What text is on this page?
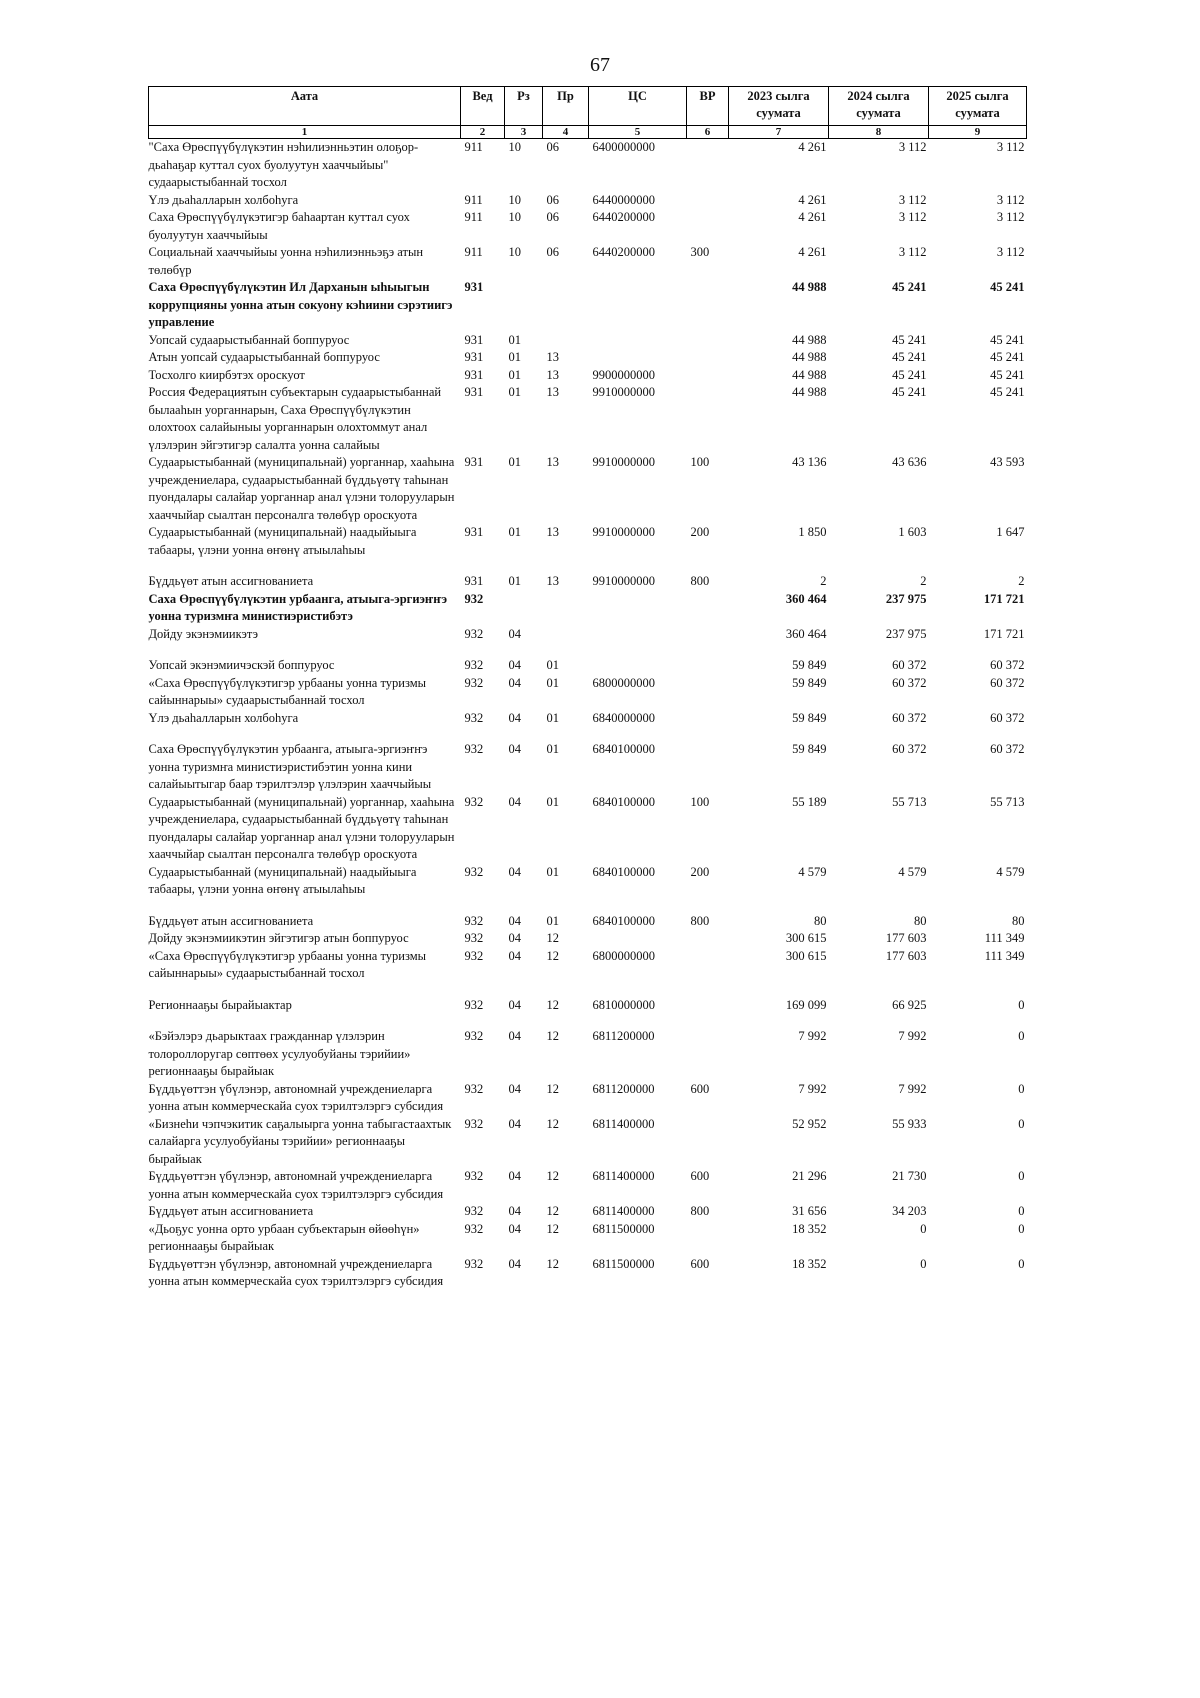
67
Аата	Вед	Рз	Пр	ЦС	ВР	2023 сылга суумата	2024 сылга суумата	2025 сылга суумата
1	2	3	4	5	6	7	8	9
"Саха Өрөспүүбүлүкэтин нэһилиэнньэтин олоҕор-дьаһаҕар куттал суох буолуутун хааччыйыы" судаарыстыбаннай тосхол	911	10	06	6400000000		4 261	3 112	3 112
Үлэ дьаһалларын холбоһуга	911	10	06	6440000000		4 261	3 112	3 112
Саха Өрөспүүбүлүкэтигэр баһаартан куттал суох буолуутун хааччыйыы	911	10	06	6440200000		4 261	3 112	3 112
Социальнай хааччыйыы уонна нэһилиэнньэҕэ атын төлөбүр	911	10	06	6440200000	300	4 261	3 112	3 112
Саха Өрөспүүбүлүкэтин Ил Дарханын ыһыыгын коррупцияны уонна атын сокуону кэһиини сэрэтиигэ управление	931					44 988	45 241	45 241
Уопсай судаарыстыбаннай боппуруос	931	01				44 988	45 241	45 241
Атын уопсай судаарыстыбаннай боппуруос	931	01	13			44 988	45 241	45 241
Тосхолго киирбэтэх ороскуот	931	01	13	9900000000		44 988	45 241	45 241
Россия Федерациятын субъектарын судаарыстыбаннай былааһын уорганнарын, Саха Өрөспүүбүлүкэтин олохтоох салайыныы уорганнарын олохтоммут анал үлэлэрин эйгэтигэр салалта уонна салайыы	931	01	13	9910000000		44 988	45 241	45 241
Судаарыстыбаннай (муниципальнай) уорганнар, хааһына учреждениелара, судаарыстыбаннай бүддьүөтү таһынан пуондалары салайар уорганнар анал үлэни толорууларын хааччыйар сыалтан персоналга төлөбүр ороскуота	931	01	13	9910000000	100	43 136	43 636	43 593
Судаарыстыбаннай (муниципальнай) наадыйыыга табаары, үлэни уонна өҥөнү атыылаһыы	931	01	13	9910000000	200	1 850	1 603	1 647

Бүддьүөт атын ассигнованиета	931	01	13	9910000000	800	2	2	2
Саха Өрөспүүбүлүкэтин урбаанга, атыыга-эргиэҥҥэ уонна туризмҥа министиэристибэтэ	932					360 464	237 975	171 721
Дойду экэнэмиикэтэ	932	04				360 464	237 975	171 721

Уопсай экэнэмиичэскэй боппуруос	932	04	01			59 849	60 372	60 372
«Саха Өрөспүүбүлүкэтигэр урбааны уонна туризмы сайыннарыы» судаарыстыбаннай тосхол	932	04	01	6800000000		59 849	60 372	60 372
Үлэ дьаһалларын холбоһуга	932	04	01	6840000000		59 849	60 372	60 372

Саха Өрөспүүбүлүкэтин урбаанга, атыыга-эргиэҥҥэ уонна туризмҥа министиэристибэтин уонна кини салайыытыгар баар тэрилтэлэр үлэлэрин хааччыйыы	932	04	01	6840100000		59 849	60 372	60 372
Судаарыстыбаннай (муниципальнай) уорганнар, хааһына учреждениелара, судаарыстыбаннай бүддьүөтү таһынан пуондалары салайар уорганнар анал үлэни толорууларын хааччыйар сыалтан персоналга төлөбүр ороскуота	932	04	01	6840100000	100	55 189	55 713	55 713
Судаарыстыбаннай (муниципальнай) наадыйыыга табаары, үлэни уонна өҥөнү атыылаһыы	932	04	01	6840100000	200	4 579	4 579	4 579

Бүддьүөт атын ассигнованиета	932	04	01	6840100000	800	80	80	80
Дойду экэнэмиикэтин эйгэтигэр атын боппуруос	932	04	12			300 615	177 603	111 349
«Саха Өрөспүүбүлүкэтигэр урбааны уонна туризмы сайыннарыы» судаарыстыбаннай тосхол	932	04	12	6800000000		300 615	177 603	111 349

Регионнааҕы бырайыактар	932	04	12	6810000000		169 099	66 925	0

«Бэйэлэрэ дьарыктаах гражданнар үлэлэрин толороллоругар сөптөөх усулуобуйаны тэрийии» регионнааҕы бырайыак	932	04	12	6811200000		7 992	7 992	0
Бүддьүөттэн үбүлэнэр, автономнай учреждениеларга уонна атын коммерческайа суох тэрилтэлэргэ субсидия	932	04	12	6811200000	600	7 992	7 992	0
«Бизнеһи чэпчэкитик саҕалыырга уонна табыгастаахтык салайарга усулуобуйаны тэрийии» регионнааҕы бырайыак	932	04	12	6811400000		52 952	55 933	0
Бүддьүөттэн үбүлэнэр, автономнай учреждениеларга уонна атын коммерческайа суох тэрилтэлэргэ субсидия	932	04	12	6811400000	600	21 296	21 730	0
Бүддьүөт атын ассигнованиета	932	04	12	6811400000	800	31 656	34 203	0
«Дьоҕус уонна орто урбаан субъектарын өйөөһүн» регионнааҕы бырайыак	932	04	12	6811500000		18 352	0	0
Бүддьүөттэн үбүлэнэр, автономнай учреждениеларга уонна атын коммерческайа суох тэрилтэлэргэ субсидия	932	04	12	6811500000	600	18 352	0	0
